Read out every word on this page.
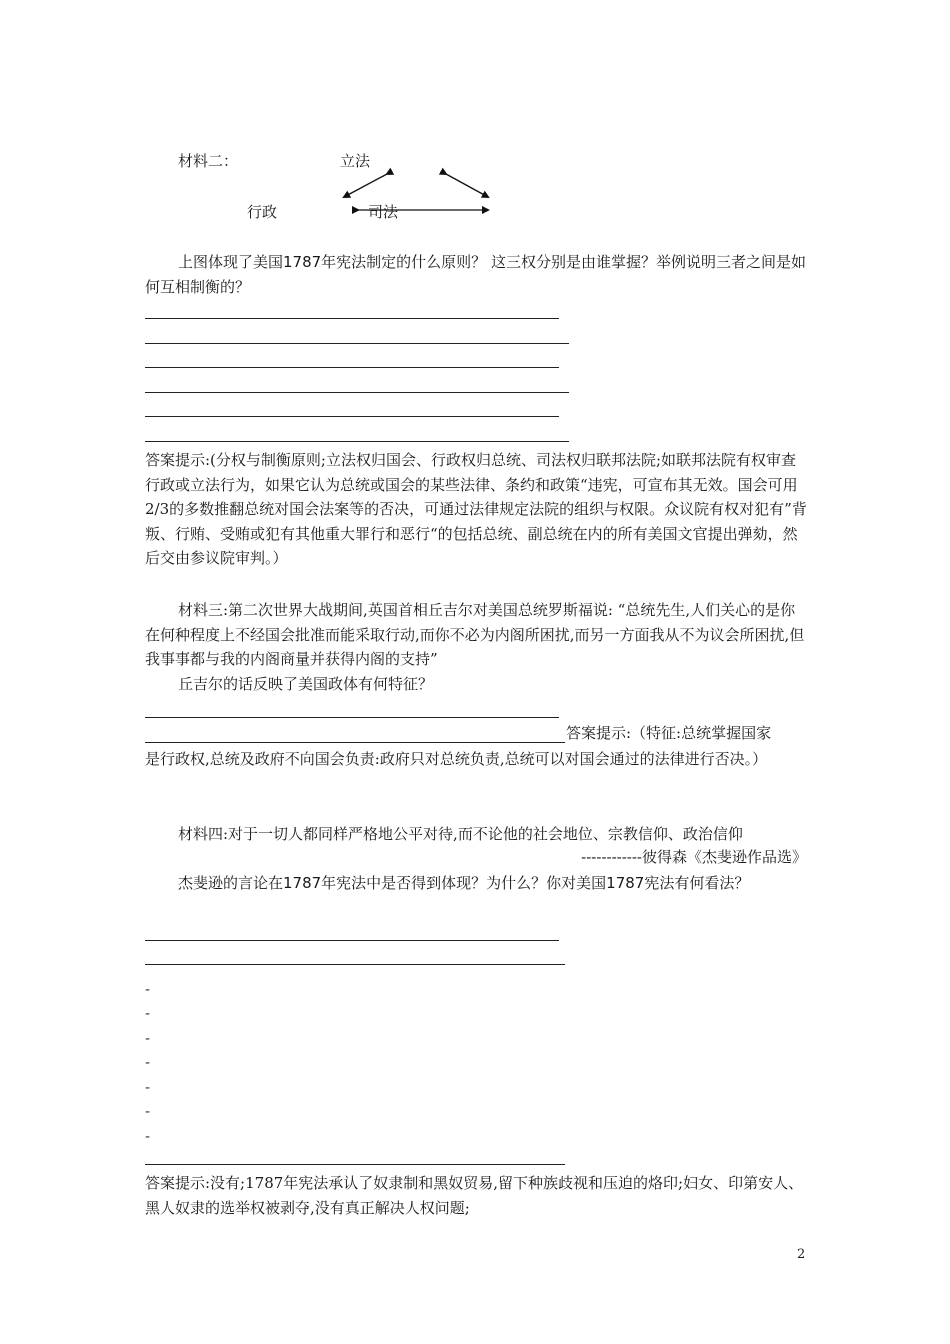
材料二：	立法
行政	司法
上图体现了美国1787年宪法制定的什么原则？ 这三权分别是由谁掌握？举例说明三者之间是如何互相制衡的？
答案提示:(分权与制衡原则;立法权归国会、行政权归总统、司法权归联邦法院;如联邦法院有权审查行政或立法行为，如果它认为总统或国会的某些法律、条约和政策“违宪，可宣布其无效。国会可用2/3的多数推翻总统对国会法案等的否决，可通过法律规定法院的组织与权限。众议院有权对犯有”背叛、行贿、受贿或犯有其他重大罪行和恶行“的包括总统、副总统在内的所有美国文官提出弹劾，然后交由参议院审判。）
材料三:第二次世界大战期间,英国首相丘吉尔对美国总统罗斯福说: “总统先生,人们关心的是你在何种程度上不经国会批准而能采取行动,而你不必为内阁所困扰,而另一方面我从不为议会所困扰,但我事事都与我的内阁商量并获得内阁的支持”
丘吉尔的话反映了美国政体有何特征？
答案提示:（特征:总统掌握国家
是行政权,总统及政府不向国会负责:政府只对总统负责,总统可以对国会通过的法律进行否决。）
材料四:对于一切人都同样严格地公平对待,而不论他的社会地位、宗教信仰、政治信仰
------------彼得森《杰斐逊作品选》
杰斐逊的言论在1787年宪法中是否得到体现？为什么？你对美国1787宪法有何看法？
-
-
-
-
-
-
-
答案提示:没有;1787年宪法承认了奴隶制和黑奴贸易,留下种族歧视和压迫的烙印;妇女、印第安人、黑人奴隶的选举权被剥夺,没有真正解决人权问题;
2
